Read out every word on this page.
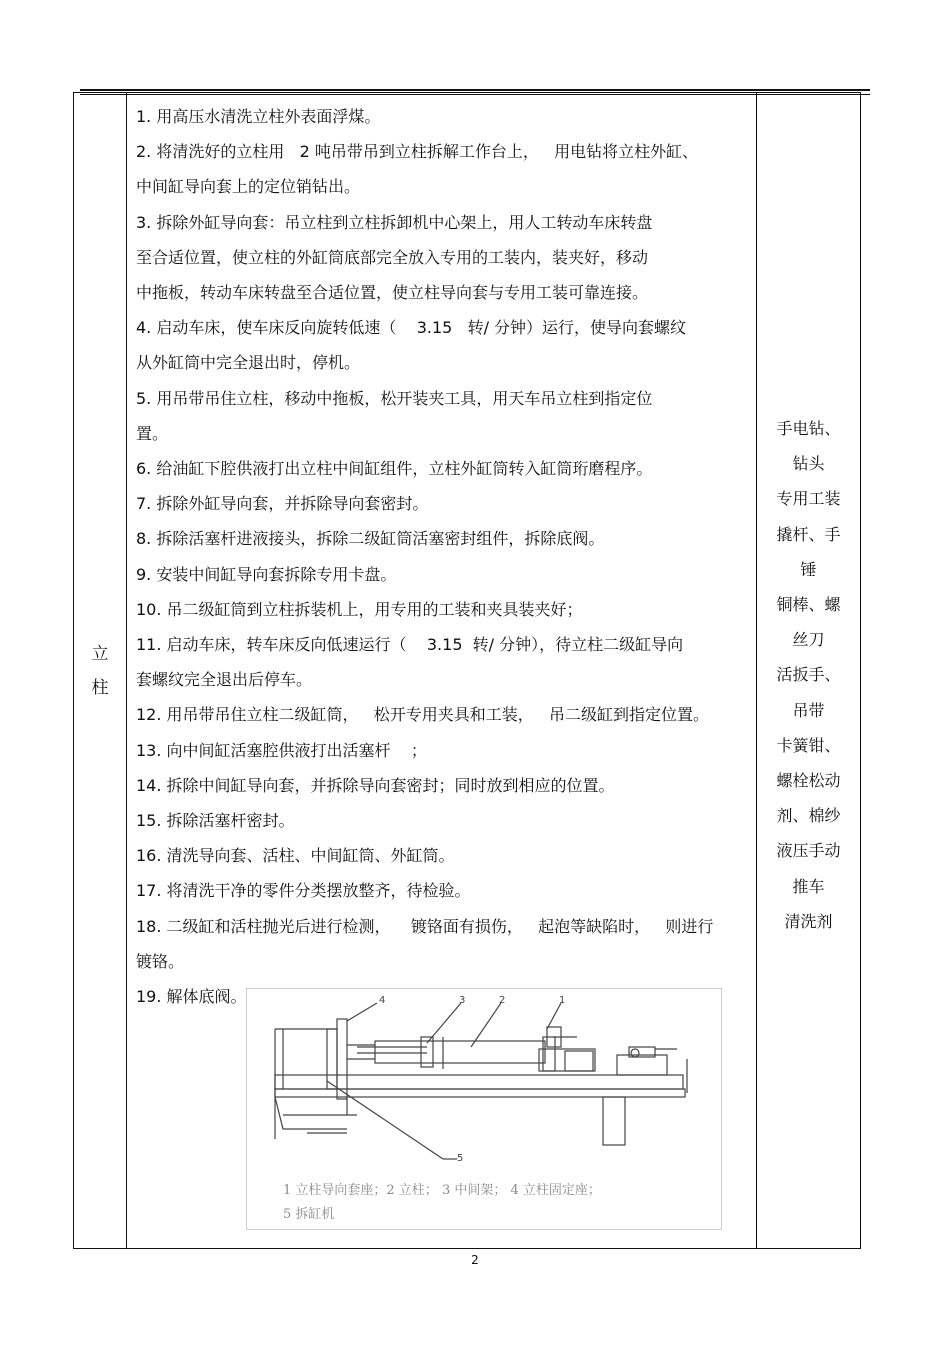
立
柱	

1. 用高压水清洗立柱外表面浮煤。

2. 将清洗好的立柱用   2 吨吊带吊到立柱拆解工作台上，   用电钻将立柱外缸、
中间缸导向套上的定位销钻出。

3. 拆除外缸导向套：吊立柱到立柱拆卸机中心架上，用人工转动车床转盘
至合适位置，使立柱的外缸筒底部完全放入专用的工装内，装夹好，移动
中拖板，转动车床转盘至合适位置，使立柱导向套与专用工装可靠连接。

4. 启动车床，使车床反向旋转低速（    3.15   转/ 分钟）运行，使导向套螺纹
从外缸筒中完全退出时，停机。

5. 用吊带吊住立柱，移动中拖板，松开装夹工具，用天车吊立柱到指定位
置。

6. 给油缸下腔供液打出立柱中间缸组件，立柱外缸筒转入缸筒珩磨程序。

7. 拆除外缸导向套，并拆除导向套密封。

8. 拆除活塞杆进液接头，拆除二级缸筒活塞密封组件，拆除底阀。

9. 安装中间缸导向套拆除专用卡盘。

10. 吊二级缸筒到立柱拆装机上，用专用的工装和夹具装夹好；

11. 启动车床，转车床反向低速运行（    3.15  转/ 分钟），待立柱二级缸导向
套螺纹完全退出后停车。

12. 用吊带吊住立柱二级缸筒，   松开专用夹具和工装，   吊二级缸到指定位置。

13. 向中间缸活塞腔供液打出活塞杆    ；

14. 拆除中间缸导向套，并拆除导向套密封；同时放到相应的位置。

15. 拆除活塞杆密封。

16. 清洗导向套、活柱、中间缸筒、外缸筒。

17. 将清洗干净的零件分类摆放整齐，待检验。

18. 二级缸和活柱抛光后进行检测，    镀铬面有损伤，   起泡等缺陷时，   则进行
镀铬。

19. 解体底阀。	4	3	2	1
5
1 立柱导向套座；2 立柱； 3 中间架； 4 立柱固定座；
5 拆缸机

手电钻、
钻头
专用工装
撬杆、手
锤
铜棒、螺
丝刀
活扳手、
吊带
卡簧钳、
螺栓松动
剂、棉纱
液压手动
推车
清洗剂
2
